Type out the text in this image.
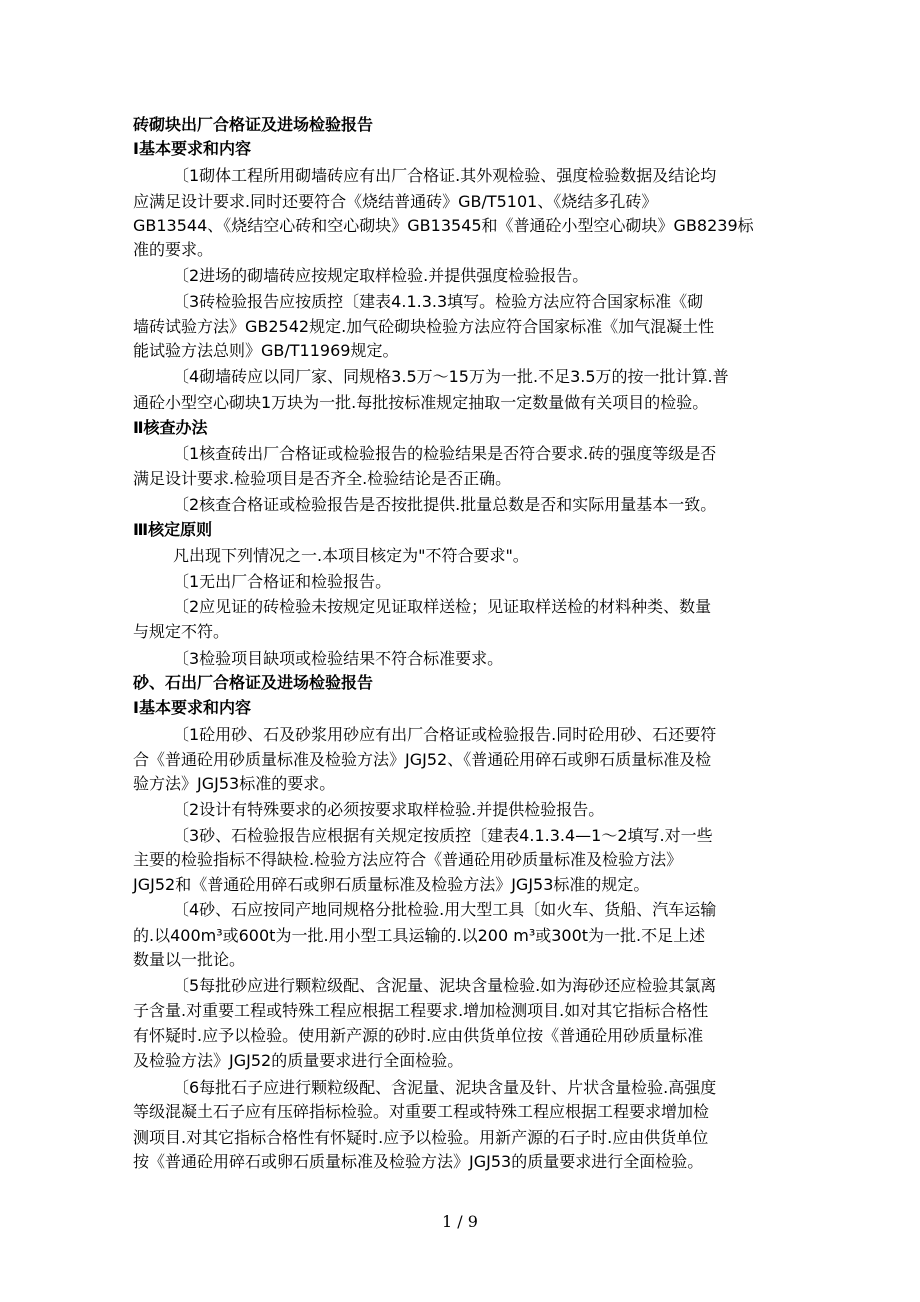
砖砌块出厂合格证及进场检验报告
Ⅰ基本要求和内容
〔1砌体工程所用砌墙砖应有出厂合格证.其外观检验、强度检验数据及结论均
应满足设计要求.同时还要符合《烧结普通砖》GB/T5101、《烧结多孔砖》
GB13544、《烧结空心砖和空心砌块》GB13545和《普通砼小型空心砌块》GB8239标
准的要求。
〔2进场的砌墙砖应按规定取样检验.并提供强度检验报告。
〔3砖检验报告应按质控〔建表4.1.3.3填写。检验方法应符合国家标准《砌
墙砖试验方法》GB2542规定.加气砼砌块检验方法应符合国家标准《加气混凝土性
能试验方法总则》GB/T11969规定。
〔4砌墙砖应以同厂家、同规格3.5万～15万为一批.不足3.5万的按一批计算.普
通砼小型空心砌块1万块为一批.每批按标准规定抽取一定数量做有关项目的检验。
Ⅱ核查办法
〔1核查砖出厂合格证或检验报告的检验结果是否符合要求.砖的强度等级是否
满足设计要求.检验项目是否齐全.检验结论是否正确。
〔2核查合格证或检验报告是否按批提供.批量总数是否和实际用量基本一致。
Ⅲ核定原则
凡出现下列情况之一.本项目核定为"不符合要求"。
〔1无出厂合格证和检验报告。
〔2应见证的砖检验未按规定见证取样送检；见证取样送检的材料种类、数量
与规定不符。
〔3检验项目缺项或检验结果不符合标准要求。
砂、石出厂合格证及进场检验报告
Ⅰ基本要求和内容
〔1砼用砂、石及砂浆用砂应有出厂合格证或检验报告.同时砼用砂、石还要符
合《普通砼用砂质量标准及检验方法》JGJ52、《普通砼用碎石或卵石质量标准及检
验方法》JGJ53标准的要求。
〔2设计有特殊要求的必须按要求取样检验.并提供检验报告。
〔3砂、石检验报告应根据有关规定按质控〔建表4.1.3.4—1～2填写.对一些
主要的检验指标不得缺检.检验方法应符合《普通砼用砂质量标准及检验方法》
JGJ52和《普通砼用碎石或卵石质量标准及检验方法》JGJ53标准的规定。
〔4砂、石应按同产地同规格分批检验.用大型工具〔如火车、货船、汽车运输
的.以400m³或600t为一批.用小型工具运输的.以200 m³或300t为一批.不足上述
数量以一批论。
〔5每批砂应进行颗粒级配、含泥量、泥块含量检验.如为海砂还应检验其氯离
子含量.对重要工程或特殊工程应根据工程要求.增加检测项目.如对其它指标合格性
有怀疑时.应予以检验。使用新产源的砂时.应由供货单位按《普通砼用砂质量标准
及检验方法》JGJ52的质量要求进行全面检验。
〔6每批石子应进行颗粒级配、含泥量、泥块含量及针、片状含量检验.高强度
等级混凝土石子应有压碎指标检验。对重要工程或特殊工程应根据工程要求增加检
测项目.对其它指标合格性有怀疑时.应予以检验。用新产源的石子时.应由供货单位
按《普通砼用碎石或卵石质量标准及检验方法》JGJ53的质量要求进行全面检验。
1 / 9
